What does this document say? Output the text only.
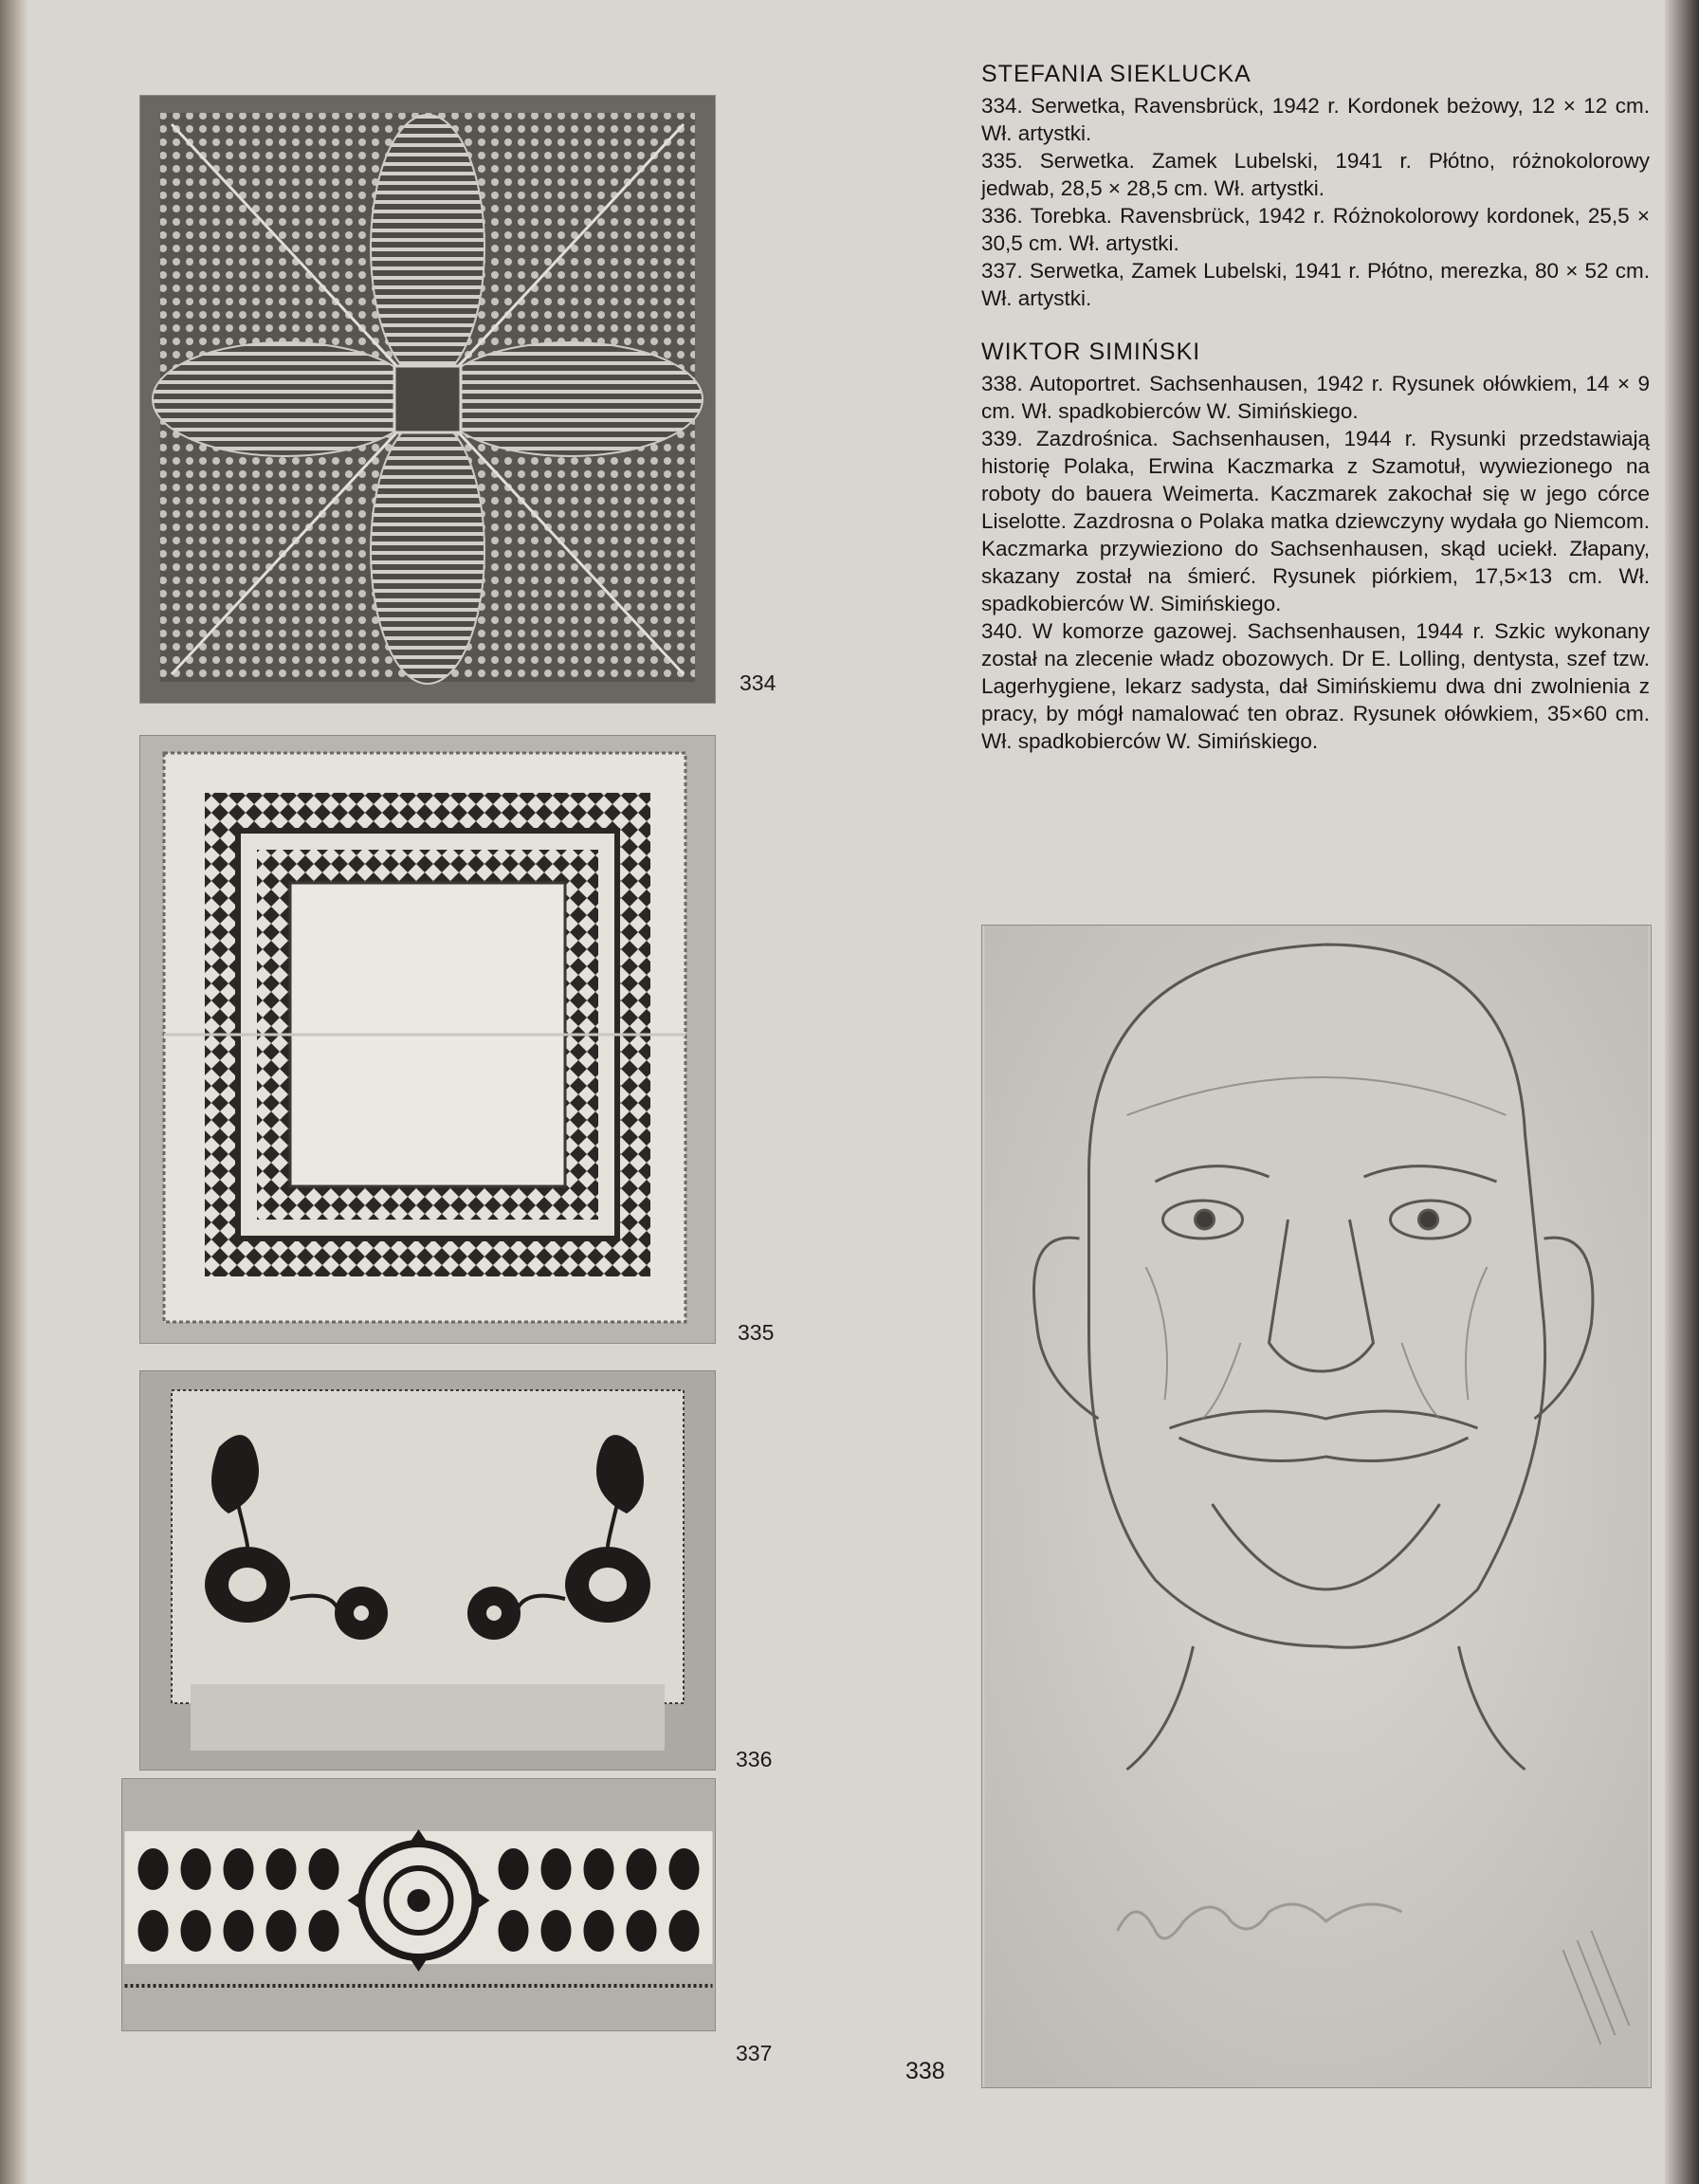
334
335
336
337
338
STEFANIA SIEKLUCKA

334. Serwetka, Ravensbrück, 1942 r. Kordonek beżowy, 12 × 12 cm. Wł. artystki.

335. Serwetka. Zamek Lubelski, 1941 r. Płótno, różnokolorowy jedwab, 28,5 × 28,5 cm. Wł. artystki.

336. Torebka. Ravensbrück, 1942 r. Różnokolorowy kordonek, 25,5 × 30,5 cm. Wł. artystki.

337. Serwetka, Zamek Lubelski, 1941 r. Płótno, merezka, 80 × 52 cm. Wł. artystki.

WIKTOR SIMIŃSKI

338. Autoportret. Sachsenhausen, 1942 r. Rysunek ołówkiem, 14 × 9 cm. Wł. spadkobierców W. Simińskiego.

339. Zazdrośnica. Sachsenhausen, 1944 r. Rysunki przedstawiają historię Polaka, Erwina Kaczmarka z Szamotuł, wywiezionego na roboty do bauera Weimerta. Kaczmarek zakochał się w jego córce Liselotte. Zazdrosna o Polaka matka dziewczyny wydała go Niemcom. Kaczmarka przywieziono do Sachsenhausen, skąd uciekł. Złapany, skazany został na śmierć. Rysunek piórkiem, 17,5×13 cm. Wł. spadkobierców W. Simińskiego.

340. W komorze gazowej. Sachsenhausen, 1944 r. Szkic wykonany został na zlecenie władz obozowych. Dr E. Lolling, dentysta, szef tzw. Lagerhygiene, lekarz sadysta, dał Simińskiemu dwa dni zwolnienia z pracy, by mógł namalować ten obraz. Rysunek ołówkiem, 35×60 cm. Wł. spadkobierców W. Simińskiego.
